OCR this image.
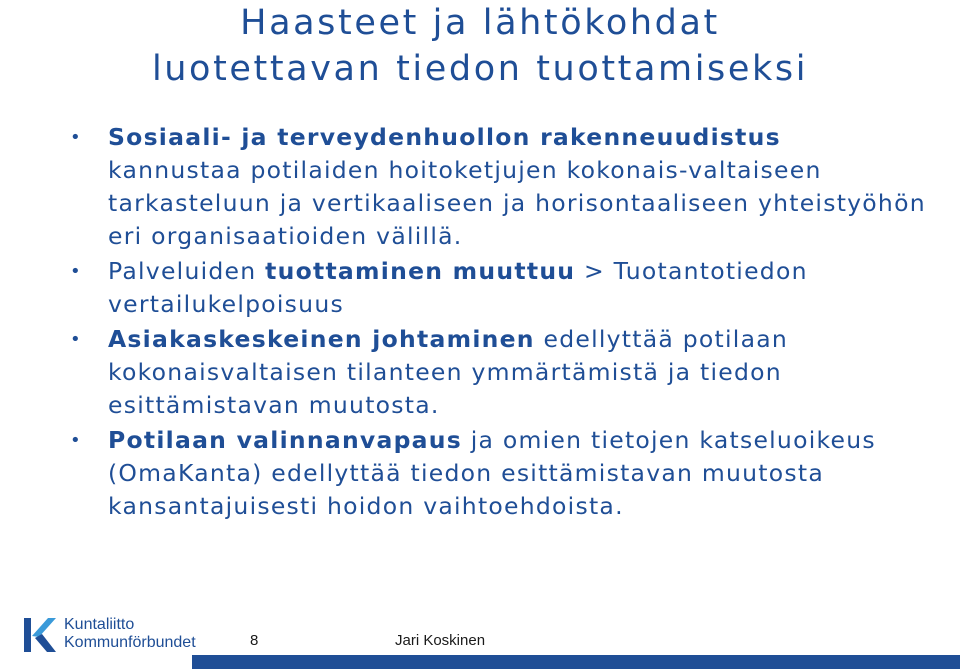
Haasteet ja lähtökohdat
luotettavan tiedon tuottamiseksi
• Sosiaali- ja terveydenhuollon rakenneuudistus
kannustaa potilaiden hoitoketjujen kokonais-valtaiseen tarkasteluun ja vertikaaliseen ja horisontaaliseen yhteistyöhön eri organisaatioiden välillä.
• Palveluiden tuottaminen muuttuu > Tuotantotiedon vertailukelpoisuus
• Asiakaskeskeinen johtaminen edellyttää potilaan kokonaisvaltaisen tilanteen ymmärtämistä ja tiedon esittämistavan muutosta.
• Potilaan valinnanvapaus ja omien tietojen katseluoikeus (OmaKanta) edellyttää tiedon esittämistavan muutosta kansantajuisesti hoidon vaihtoehdoista.
Kuntaliitto
Kommunförbundet	8	Jari Koskinen
